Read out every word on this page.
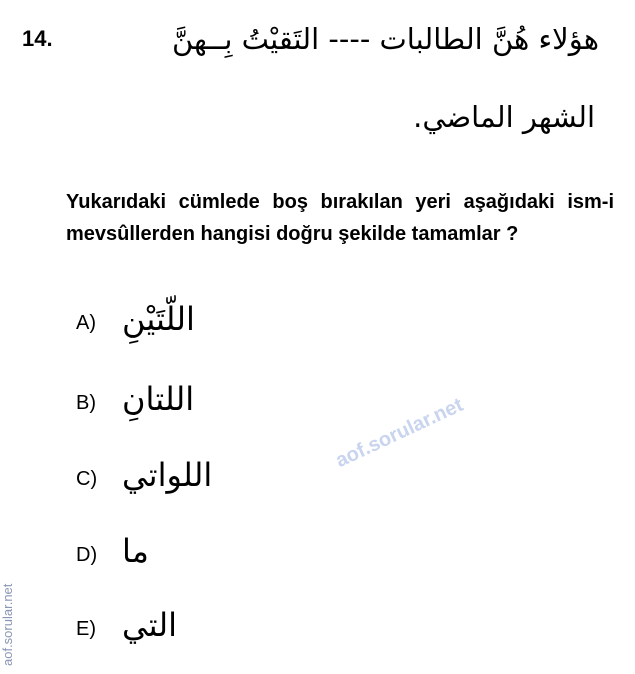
14.	هؤلاء هُنَّ الطالبات ---- التَقيْتُ بِــهنَّ
الشهر الماضي.
Yukarıdaki cümlede boş bırakılan yeri aşağıdaki ism-i mevsûllerden hangisi doğru şekilde tamamlar ?
A) اللّتَيْنِ
B) اللتانِ
C) اللواتي
D) ما
E) التي
aof.sorular.net
aof.sorular.net
